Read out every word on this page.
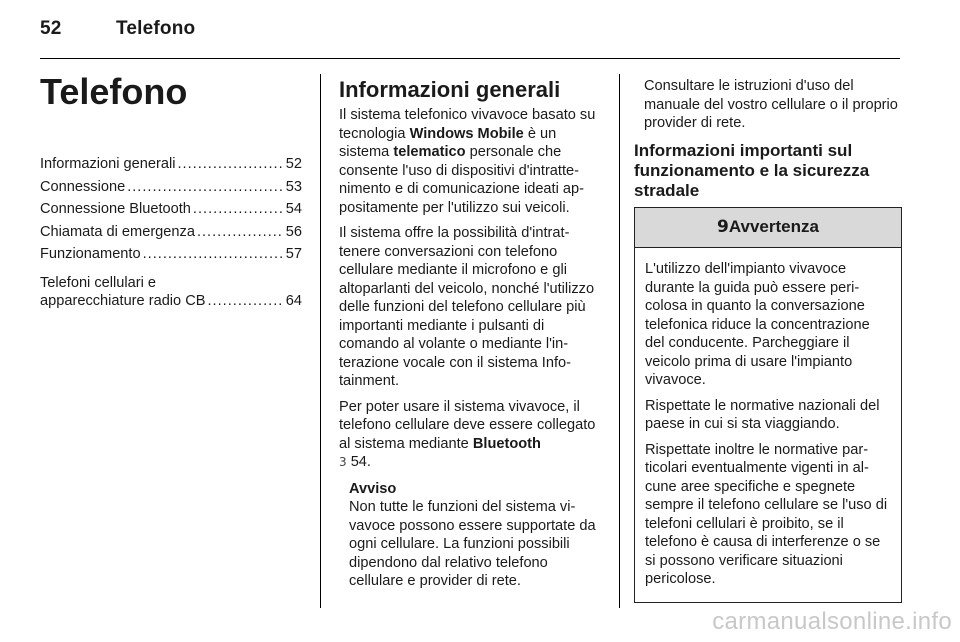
52	Telefono
Telefono
Informazioni generali .....	52
Connessione .....	53
Connessione Bluetooth .....	54
Chiamata di emergenza .....	56
Funzionamento .....	57
Telefoni cellulari e
apparecchiature radio CB .....	64
Informazioni generali

Il sistema telefonico vivavoce basato su tecnologia Windows Mobile è un sistema telematico personale che consente l'uso di dispositivi d'intrattenimento e di comunicazione ideati appositamente per l'utilizzo sui veicoli.

Il sistema offre la possibilità d'intrattenere conversazioni con telefono cellulare mediante il microfono e gli altoparlanti del veicolo, nonché l'utilizzo delle funzioni del telefono cellulare più importanti mediante i pulsanti di comando al volante o mediante l'interazione vocale con il sistema Infotainment.

Per poter usare il sistema vivavoce, il telefono cellulare deve essere collegato al sistema mediante Bluetooth
3 54.

Avviso
Non tutte le funzioni del sistema vivavoce possono essere supportate da ogni cellulare. La funzioni possibili dipendono dal relativo telefono cellulare e provider di rete.
Consultare le istruzioni d'uso del manuale del vostro cellulare o il proprio provider di rete.
Informazioni importanti sul funzionamento e la sicurezza stradale
9Avvertenza

L'utilizzo dell'impianto vivavoce durante la guida può essere pericolosa in quanto la conversazione telefonica riduce la concentrazione del conducente. Parcheggiare il veicolo prima di usare l'impianto vivavoce.

Rispettate le normative nazionali del paese in cui si sta viaggiando.

Rispettate inoltre le normative particolari eventualmente vigenti in alcune aree specifiche e spegnete sempre il telefono cellulare se l'uso di telefoni cellulari è proibito, se il telefono è causa di interferenze o se si possono verificare situazioni pericolose.

carmanualsonline.info
